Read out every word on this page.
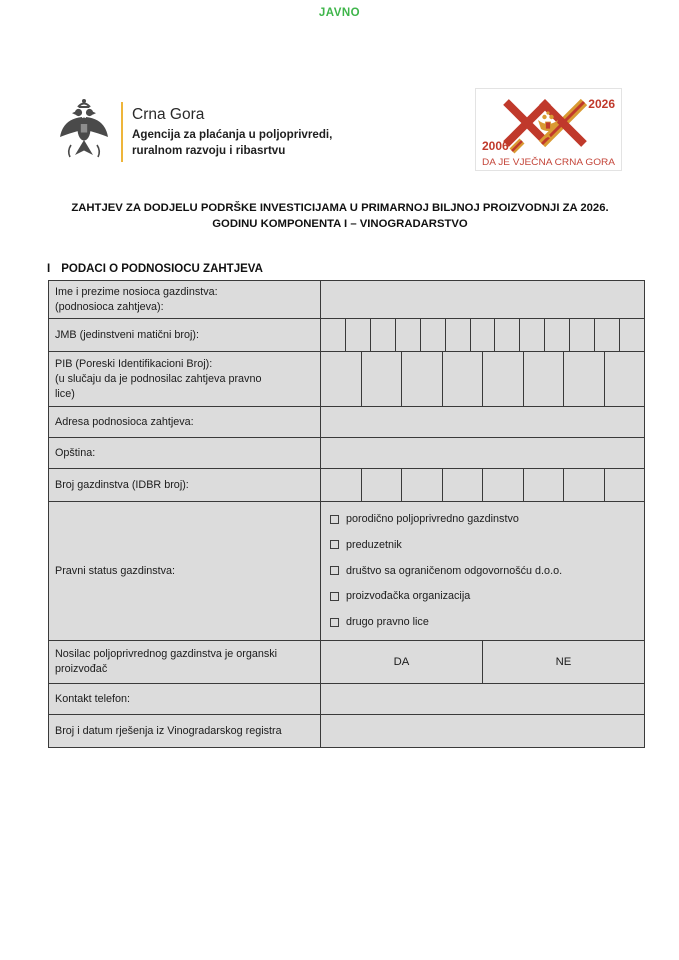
JAVNO
Crna Gora
Agencija za plaćanja u poljoprivredi,
ruralnom razvoju i ribasrtvu
2026
2006
DA JE VJEČNA CRNA GORA
ZAHTJEV ZA DODJELU PODRŠKE INVESTICIJAMA U PRIMARNOJ BILJNOJ PROIZVODNJI ZA 2026.
GODINU KOMPONENTA I – VINOGRADARSTVO
I PODACI O PODNOSIOCU ZAHTJEVA
Ime i prezime nosioca gazdinstva:
(podnosioca zahtjeva):
JMB (jedinstveni matični broj):
PIB (Poreski Identifikacioni Broj):
(u slučaju da je podnosilac zahtjeva pravno
lice)
Adresa podnosioca zahtjeva:
Opština:
Broj gazdinstva (IDBR broj):
Pravni status gazdinstva:
porodično poljoprivredno gazdinstvo
preduzetnik
društvo sa ograničenom odgovornošću d.o.o.
proizvođačka organizacija
drugo pravno lice
Nosilac poljoprivrednog gazdinstva je organski
proizvođač
DA	NE
Kontakt telefon:
Broj i datum rješenja iz Vinogradarskog registra
